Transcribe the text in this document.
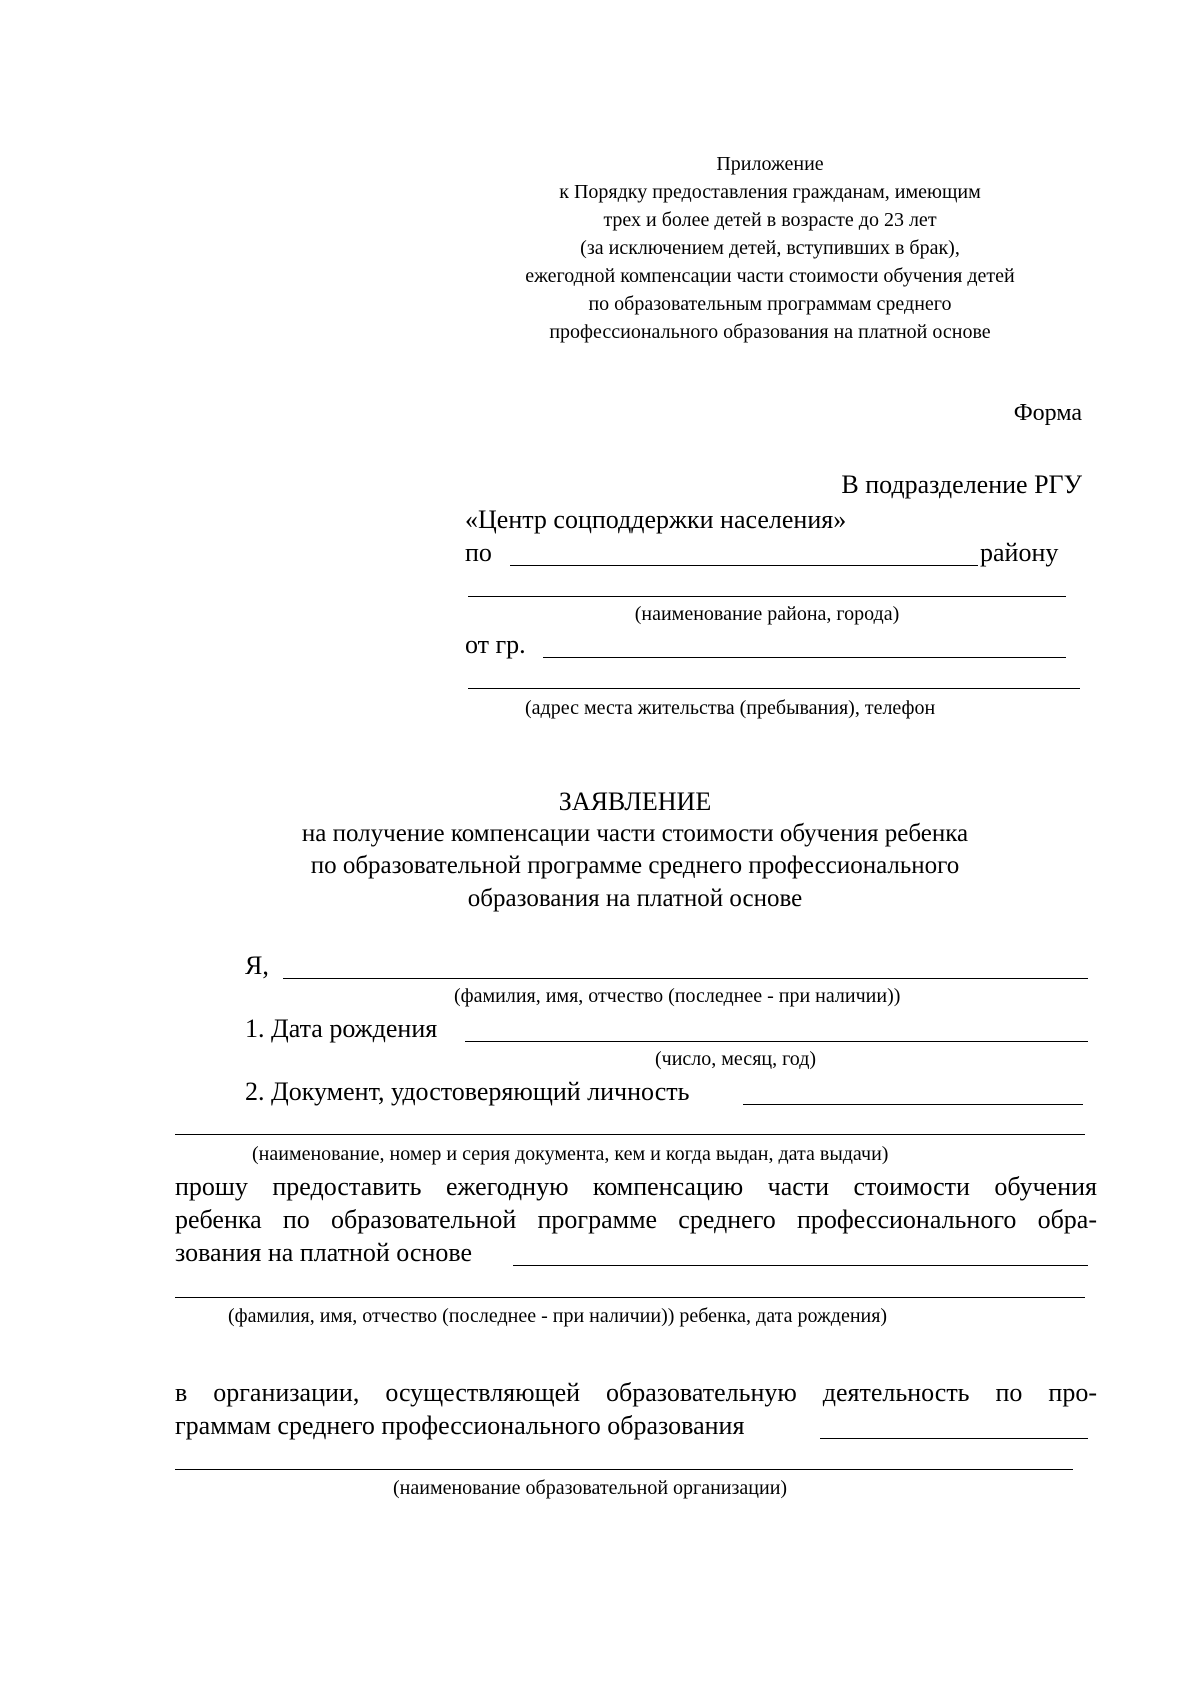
Приложение
к Порядку предоставления гражданам, имеющим
трех и более детей в возрасте до 23 лет
(за исключением детей, вступивших в брак),
ежегодной компенсации части стоимости обучения детей
по образовательным программам среднего
профессионального образования на платной основе
Форма
В подразделение РГУ
«Центр соцподдержки населения»
по	району
(наименование района, города)
от гр.
(адрес места жительства (пребывания), телефон
ЗАЯВЛЕНИЕ
на получение компенсации части стоимости обучения ребенка
по образовательной программе среднего профессионального
образования на платной основе
Я,
(фамилия, имя, отчество (последнее - при наличии))
1. Дата рождения
(число, месяц, год)
2. Документ, удостоверяющий личность
(наименование, номер и серия документа, кем и когда выдан, дата выдачи)
прошу предоставить ежегодную компенсацию части стоимости обучения
ребенка по образовательной программе среднего профессионального обра-
зования на платной основе
(фамилия, имя, отчество (последнее - при наличии)) ребенка, дата рождения)
в организации, осуществляющей образовательную деятельность по про-
граммам среднего профессионального образования
(наименование образовательной организации)
